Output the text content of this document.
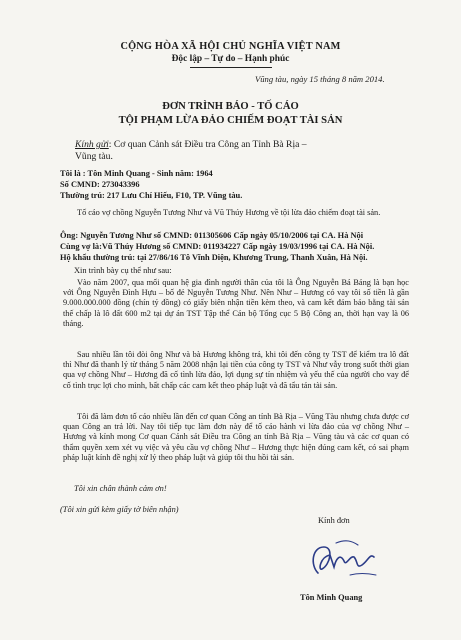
CỘNG HÒA XÃ HỘI CHỦ NGHĨA VIỆT NAM
Độc lập – Tự do – Hạnh phúc
Vũng tàu, ngày 15 tháng 8 năm 2014.
ĐƠN TRÌNH BÁO - TỐ CÁO
TỘI PHẠM LỪA ĐẢO CHIẾM ĐOẠT TÀI SẢN
Kính gửi: Cơ quan Cảnh sát Điều tra Công an Tỉnh Bà Rịa –
Vũng tàu.
Tôi là : Tôn Minh Quang - Sinh năm: 1964
Số CMND: 273043396
Thường trú: 217 Lưu Chí Hiếu, F10, TP. Vũng tàu.
Tố cáo vợ chồng Nguyễn Tương Như và Vũ Thúy Hương về tội lừa đảo chiếm đoạt tài sản.
Ông: Nguyễn Tương Như số CMND: 011305606 Cấp ngày 05/10/2006 tại CA. Hà Nội
Cùng vợ là:Vũ Thúy Hương số CMND: 011934227 Cấp ngày 19/03/1996 tại CA. Hà Nội.
Hộ khẩu thường trú: tại 27/86/16 Tô Vĩnh Diện, Khương Trung, Thanh Xuân, Hà Nội.
Xin trình bày cụ thể như sau:
Vào năm 2007, qua mối quan hệ gia đình người thân của tôi là Ông Nguyễn Bá Bảng là bạn học với Ông Nguyễn Đình Hựu – bố đẻ Nguyễn Tương Như. Nên Như – Hương có vay tôi số tiền là gần 9.000.000.000 đồng (chín tỷ đồng) có giấy biên nhận tiền kèm theo, và cam kết đảm bảo bằng tài sản thế chấp là lô đất 600 m2 tại dự án TST Tập thể Cán bộ Tổng cục 5 Bộ Công an, thời hạn vay là 06 tháng.
Sau nhiều lần tôi đòi ông Như và bà Hương không trả, khi tôi đến công ty TST để kiểm tra lô đất thì Như đã thanh lý từ tháng 5 năm 2008 nhận lại tiền của công ty TST và Như vẫy trong suốt thời gian qua vợ chồng Như – Hương đã cố tình lừa đảo, lợi dụng sự tín nhiệm và yếu thế của người cho vay để cố tình trục lợi cho mình, bất chấp các cam kết theo pháp luật và đã tẩu tán tài sản.
Tôi đã làm đơn tố cáo nhiều lần đến cơ quan Công an tỉnh Bà Rịa – Vũng Tàu nhưng chưa được cơ quan Công an trả lời. Nay tôi tiếp tục làm đơn này để tố cáo hành vi lừa đảo của vợ chồng Như – Hương và kính mong Cơ quan Cảnh sát Điều tra Công an tỉnh Bà Rịa – Vũng tàu và các cơ quan có thẩm quyền xem xét vụ việc và yêu cầu vợ chồng Như – Hương thực hiện đúng cam kết, có sai phạm pháp luật kính đề nghị xử lý theo pháp luật và giúp tôi thu hồi tài sản.
Tôi xin chân thành cảm ơn!
(Tôi xin gửi kèm giấy tờ biên nhận)
Kính đơn
Tôn Minh Quang
